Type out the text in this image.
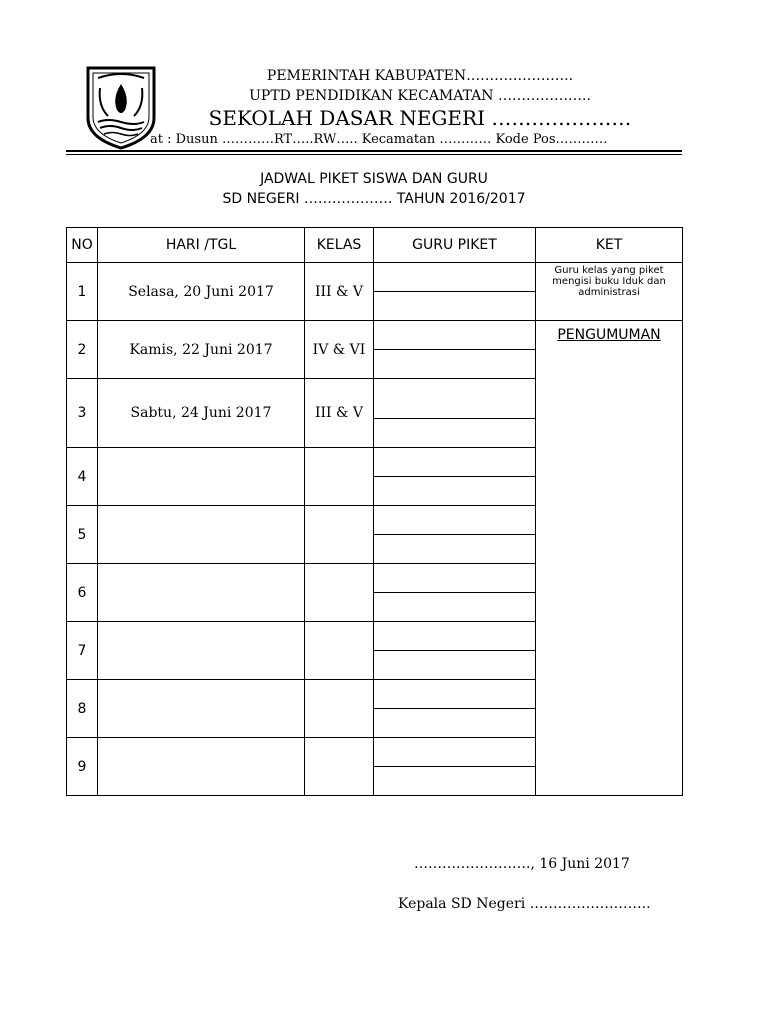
PEMERINTAH KABUPATEN…………………..
UPTD PENDIDIKAN KECAMATAN ………………..
SEKOLAH DASAR NEGERI …………………
at : Dusun …………RT…..RW….. Kecamatan ………… Kode Pos…………
JADWAL PIKET SISWA DAN GURU
SD NEGERI ………………. TAHUN 2016/2017
NO	HARI /TGL	KELAS	GURU PIKET	KET
1	Selasa, 20 Juni 2017	III & V		Guru kelas yang piket mengisi buku Iduk dan administrasi
2	Kamis, 22 Juni 2017	IV & VI		PENGUMUMAN
3	Sabtu, 24 Juni 2017	III & V		

4				

5				

6				

7				

8				

9				
……………………., 16 Juni 2017
Kepala SD Negeri ……………………..
